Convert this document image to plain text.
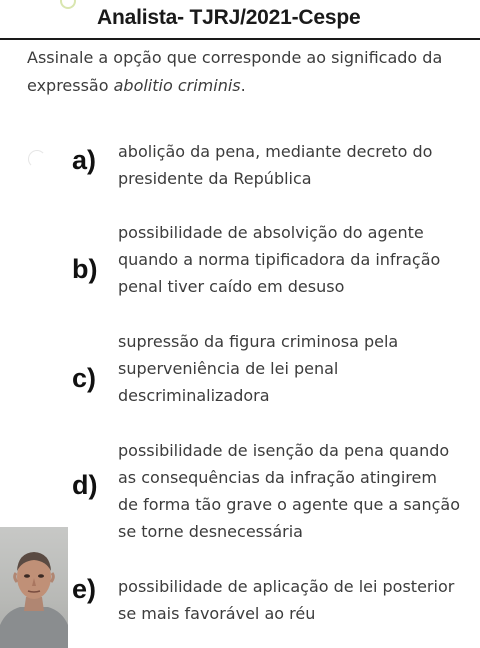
Analista- TJRJ/2021-Cespe
Assinale a opção que corresponde ao significado da expressão abolitio criminis.
a)	abolição da pena, mediante decreto do
presidente da República
b)
possibilidade de absolvição do agente
quando a norma tipificadora da infração
penal tiver caído em desuso
c)
supressão da figura criminosa pela
superveniência de lei penal
descriminalizadora
d)
possibilidade de isenção da pena quando
as consequências da infração atingirem
de forma tão grave o agente que a sanção
se torne desnecessária
e)	possibilidade de aplicação de lei posterior
se mais favorável ao réu
